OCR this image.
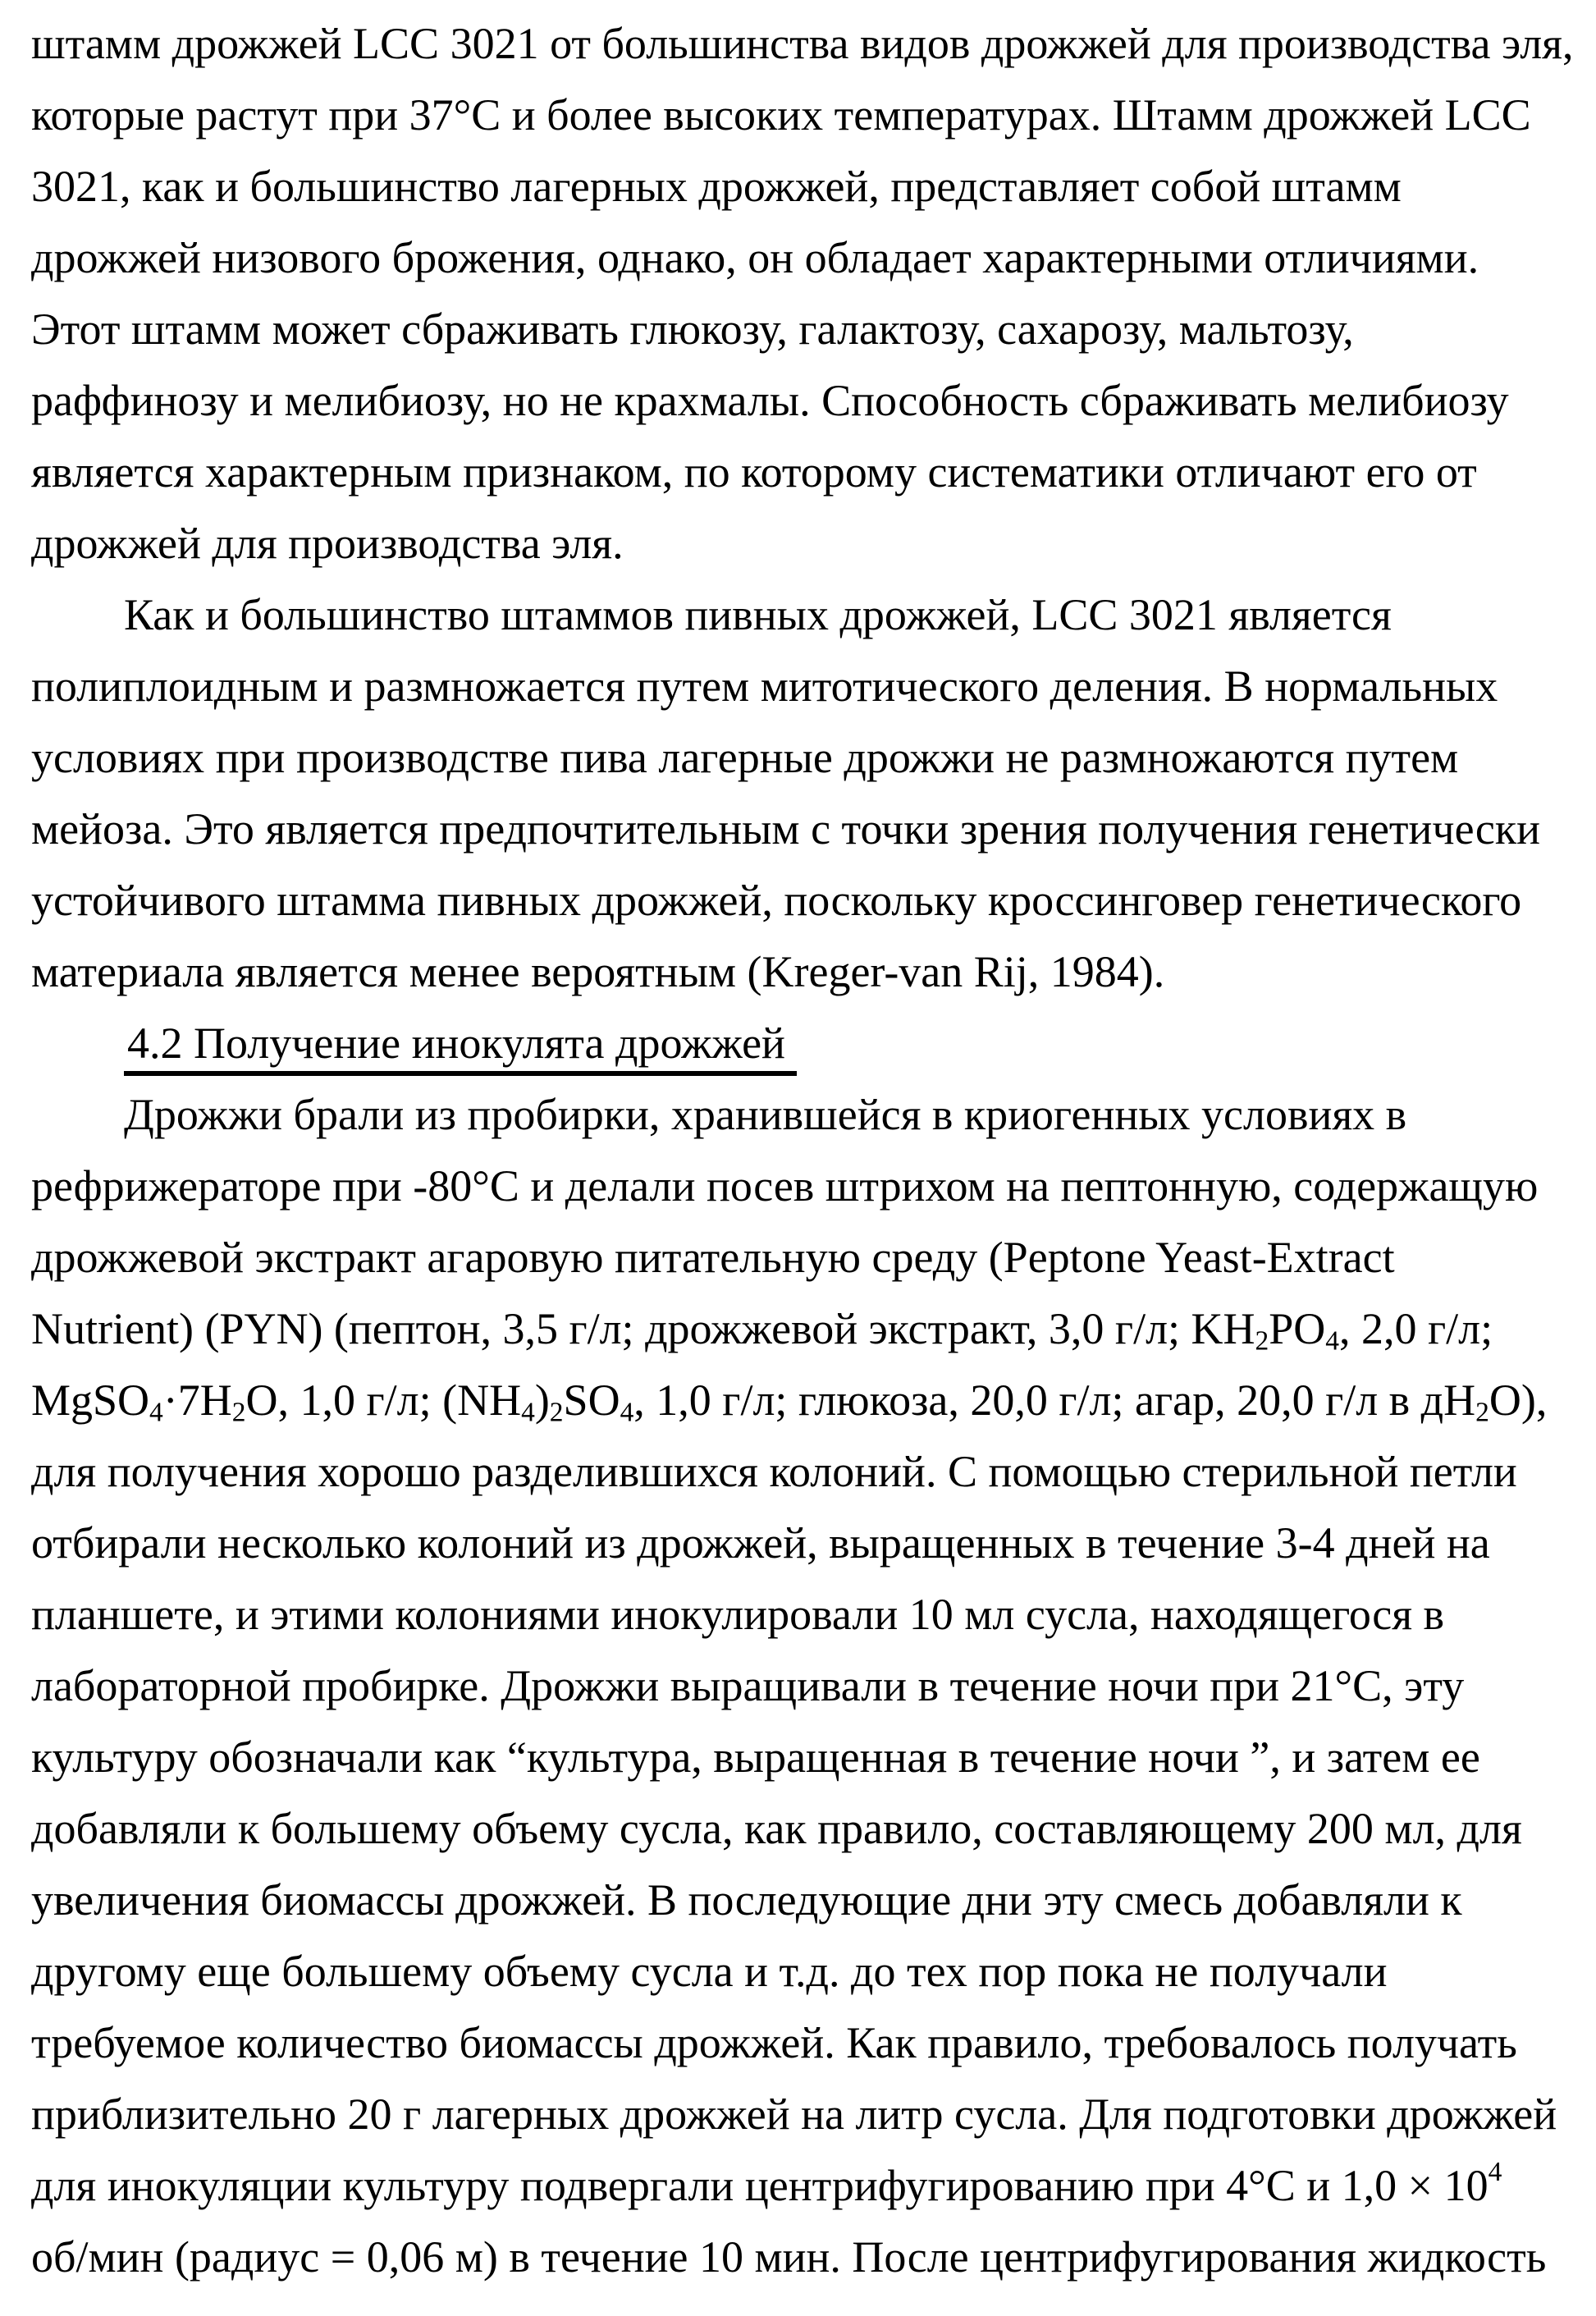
штамм дрожжей LCC 3021 от большинства видов дрожжей для производства эля,
которые растут при 37°C и более высоких температурах. Штамм дрожжей LCC
3021, как и большинство лагерных дрожжей, представляет собой штамм
дрожжей низового брожения, однако, он обладает характерными отличиями.
Этот штамм может сбраживать глюкозу, галактозу, сахарозу, мальтозу,
раффинозу и мелибиозу, но не крахмалы. Способность сбраживать мелибиозу
является характерным признаком, по которому систематики отличают его от
дрожжей для производства эля.
Как и большинство штаммов пивных дрожжей, LCC 3021 является
полиплоидным и размножается путем митотического деления. В нормальных
условиях при производстве пива лагерные дрожжи не размножаются путем
мейоза. Это является предпочтительным с точки зрения получения генетически
устойчивого штамма пивных дрожжей, поскольку кроссинговер генетического
материала является менее вероятным (Kreger-van Rij, 1984).
4.2 Получение инокулята дрожжей
Дрожжи брали из пробирки, хранившейся в криогенных условиях в
рефрижераторе при -80°C и делали посев штрихом на пептонную, содержащую
дрожжевой экстракт агаровую питательную среду (Peptone Yeast-Extract
Nutrient) (PYN) (пептон, 3,5 г/л; дрожжевой экстракт, 3,0 г/л; $KH_2PO_4$, 2,0 г/л;
$MgSO_4\cdot 7H_2O$, 1,0 г/л; $(NH_4)_2SO_4$, 1,0 г/л; глюкоза, 20,0 г/л; агар, 20,0 г/л в $дH_2O$),
для получения хорошо разделившихся колоний. С помощью стерильной петли
отбирали несколько колоний из дрожжей, выращенных в течение 3-4 дней на
планшете, и этими колониями инокулировали 10 мл сусла, находящегося в
лабораторной пробирке. Дрожжи выращивали в течение ночи при 21°C, эту
культуру обозначали как “культура, выращенная в течение ночи ”, и затем ее
добавляли к большему объему сусла, как правило, составляющему 200 мл, для
увеличения биомассы дрожжей. В последующие дни эту смесь добавляли к
другому еще большему объему сусла и т.д. до тех пор пока не получали
требуемое количество биомассы дрожжей. Как правило, требовалось получать
приблизительно 20 г лагерных дрожжей на литр сусла. Для подготовки дрожжей
для инокуляции культуру подвергали центрифугированию при 4°C и $1,0 \times 10^4$
об/мин (радиус = 0,06 м) в течение 10 мин. После центрифугирования жидкость
